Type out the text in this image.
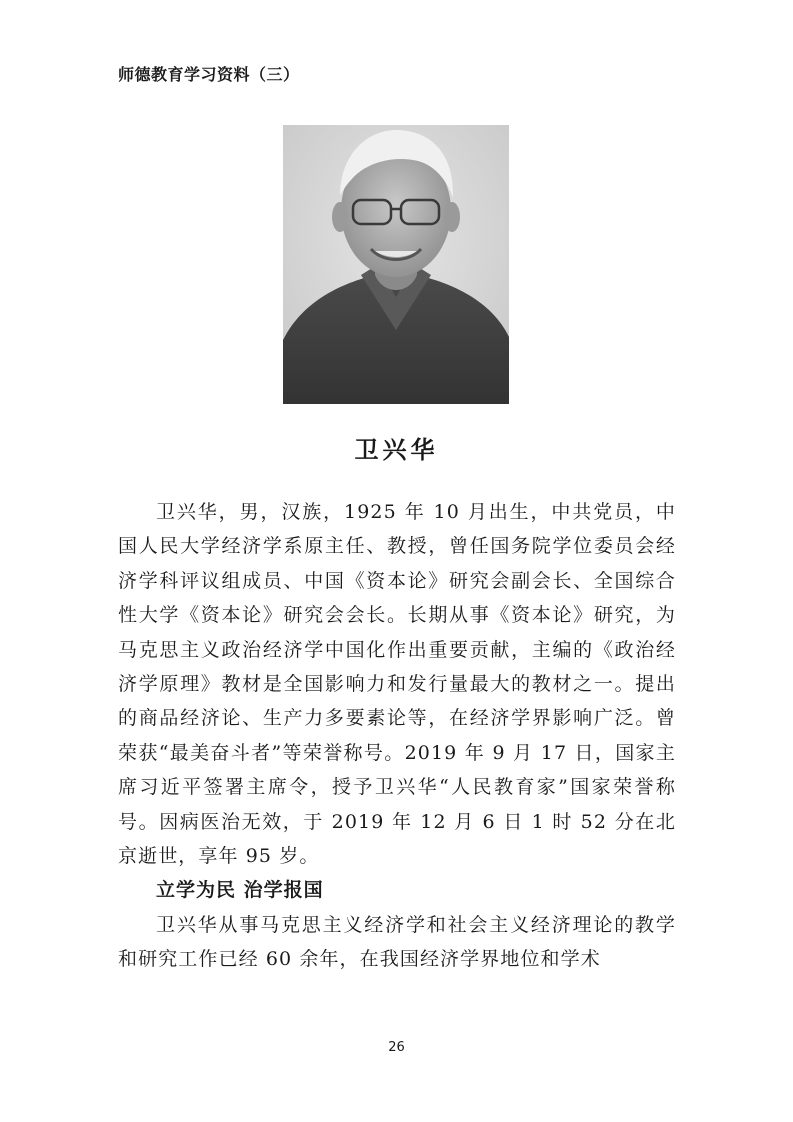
师德教育学习资料（三）
卫兴华

卫兴华，男，汉族，1925 年 10 月出生，中共党员，中国人民大学经济学系原主任、教授，曾任国务院学位委员会经济学科评议组成员、中国《资本论》研究会副会长、全国综合性大学《资本论》研究会会长。长期从事《资本论》研究，为马克思主义政治经济学中国化作出重要贡献，主编的《政治经济学原理》教材是全国影响力和发行量最大的教材之一。提出的商品经济论、生产力多要素论等，在经济学界影响广泛。曾荣获“最美奋斗者”等荣誉称号。2019 年 9 月 17 日，国家主席习近平签署主席令，授予卫兴华“人民教育家”国家荣誉称号。因病医治无效，于 2019 年 12 月 6 日 1 时 52 分在北京逝世，享年 95 岁。

立学为民 治学报国

卫兴华从事马克思主义经济学和社会主义经济理论的教学和研究工作已经 60 余年，在我国经济学界地位和学术

26
